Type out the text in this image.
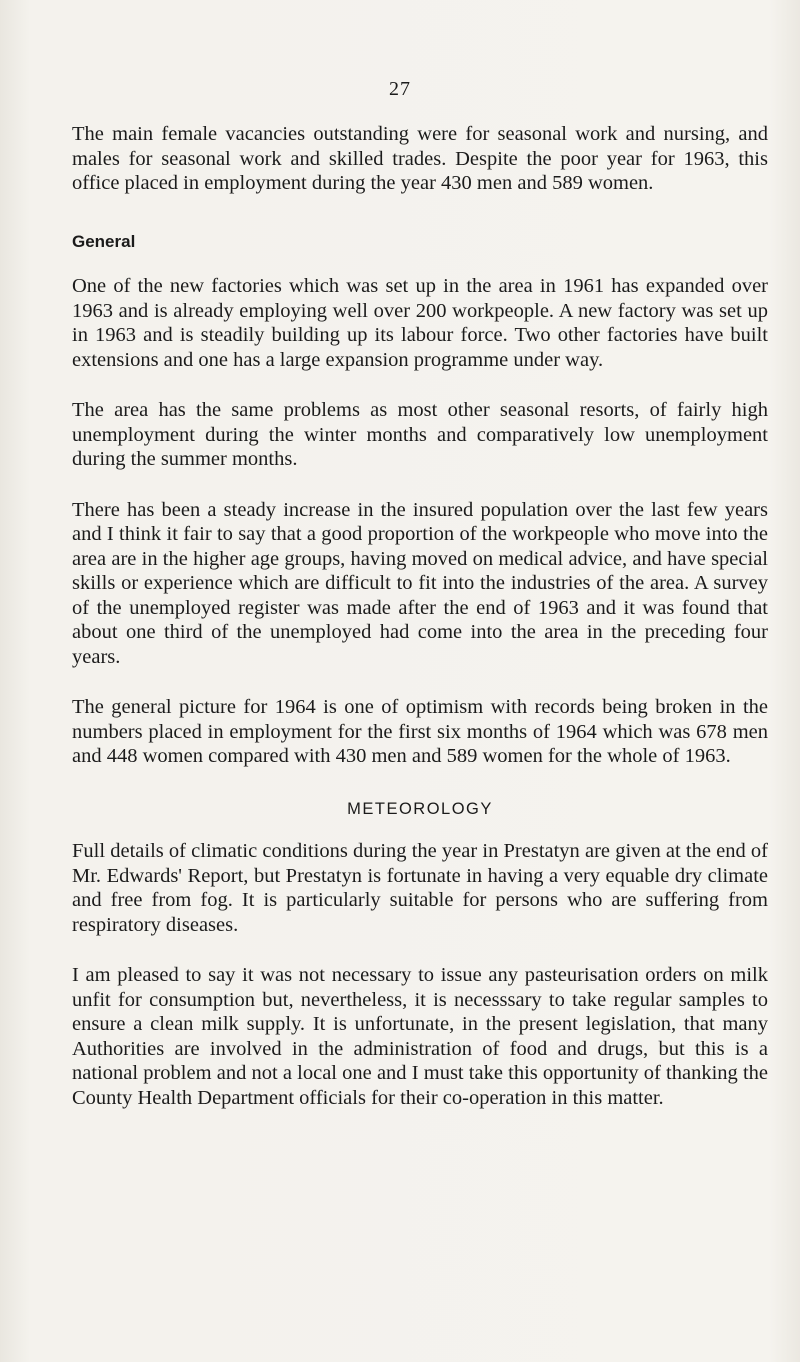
27

The main female vacancies outstanding were for seasonal work and nursing, and males for seasonal work and skilled trades. Despite the poor year for 1963, this office placed in employment during the year 430 men and 589 women.

General

One of the new factories which was set up in the area in 1961 has expanded over 1963 and is already employing well over 200 workpeople. A new factory was set up in 1963 and is steadily building up its labour force. Two other factories have built extensions and one has a large expansion programme under way.

The area has the same problems as most other seasonal resorts, of fairly high unemployment during the winter months and comparatively low unemployment during the summer months.

There has been a steady increase in the insured population over the last few years and I think it fair to say that a good proportion of the workpeople who move into the area are in the higher age groups, having moved on medical advice, and have special skills or experience which are difficult to fit into the industries of the area. A survey of the unemployed register was made after the end of 1963 and it was found that about one third of the unemployed had come into the area in the preceding four years.

The general picture for 1964 is one of optimism with records being broken in the numbers placed in employment for the first six months of 1964 which was 678 men and 448 women compared with 430 men and 589 women for the whole of 1963.

METEOROLOGY

Full details of climatic conditions during the year in Prestatyn are given at the end of Mr. Edwards' Report, but Prestatyn is fortunate in having a very equable dry climate and free from fog. It is particularly suitable for persons who are suffering from respiratory diseases.

I am pleased to say it was not necessary to issue any pasteurisation orders on milk unfit for consumption but, nevertheless, it is necesssary to take regular samples to ensure a clean milk supply. It is unfortunate, in the present legislation, that many Authorities are involved in the administration of food and drugs, but this is a national problem and not a local one and I must take this opportunity of thanking the County Health Department officials for their co-operation in this matter.
